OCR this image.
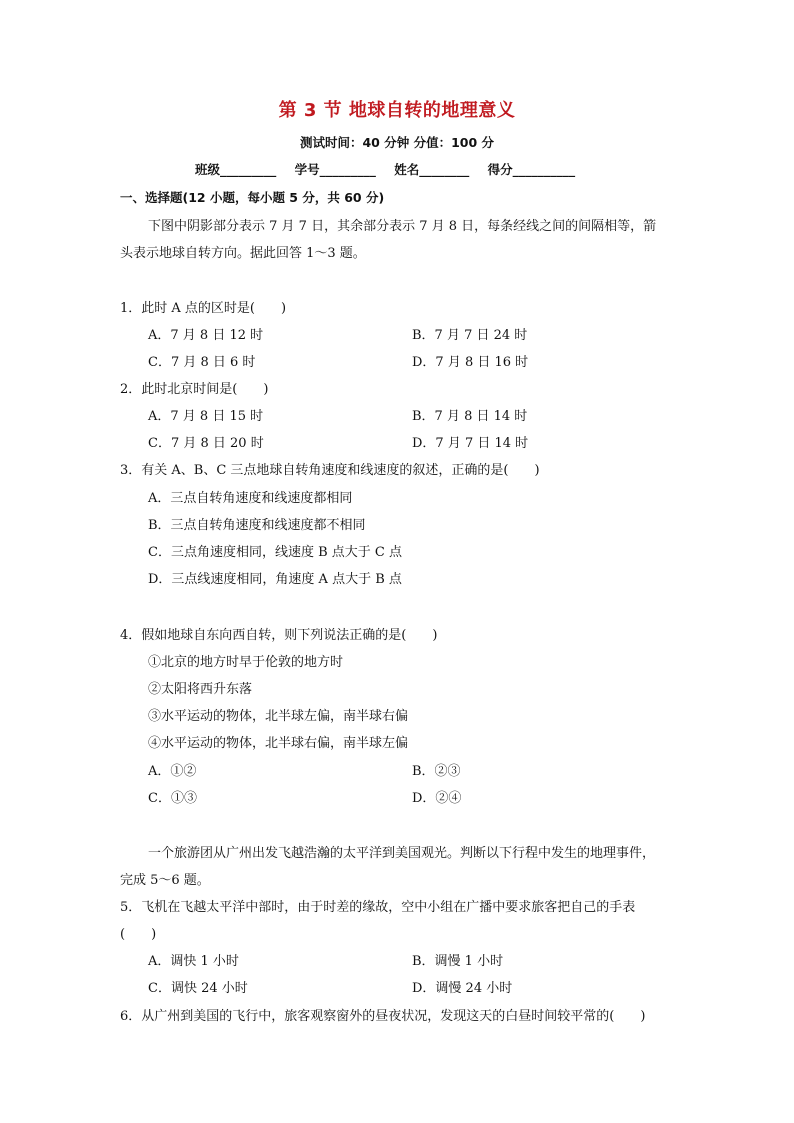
第 3 节 地球自转的地理意义
测试时间：40 分钟 分值：100 分
班级_________ 学号_________ 姓名________ 得分__________
一、选择题(12 小题，每小题 5 分，共 60 分)
下图中阴影部分表示 7 月 7 日，其余部分表示 7 月 8 日，每条经线之间的间隔相等，箭
头表示地球自转方向。据此回答 1～3 题。
1．此时 A 点的区时是(　　)
A．7 月 8 日 12 时	B．7 月 7 日 24 时
C．7 月 8 日 6 时	D．7 月 8 日 16 时
2．此时北京时间是(　　)
A．7 月 8 日 15 时	B．7 月 8 日 14 时
C．7 月 8 日 20 时	D．7 月 7 日 14 时
3．有关 A、B、C 三点地球自转角速度和线速度的叙述，正确的是(　　)
A．三点自转角速度和线速度都相同
B．三点自转角速度和线速度都不相同
C．三点角速度相同，线速度 B 点大于 C 点
D．三点线速度相同，角速度 A 点大于 B 点
4．假如地球自东向西自转，则下列说法正确的是(　　)
①北京的地方时早于伦敦的地方时
②太阳将西升东落
③水平运动的物体，北半球左偏，南半球右偏
④水平运动的物体，北半球右偏，南半球左偏
A．①②	B．②③
C．①③	D．②④
一个旅游团从广州出发飞越浩瀚的太平洋到美国观光。判断以下行程中发生的地理事件，
完成 5～6 题。
5．飞机在飞越太平洋中部时，由于时差的缘故，空中小组在广播中要求旅客把自己的手表
(　　)
A．调快 1 小时	B．调慢 1 小时
C．调快 24 小时	D．调慢 24 小时
6．从广州到美国的飞行中，旅客观察窗外的昼夜状况，发现这天的白昼时间较平常的(　　)
